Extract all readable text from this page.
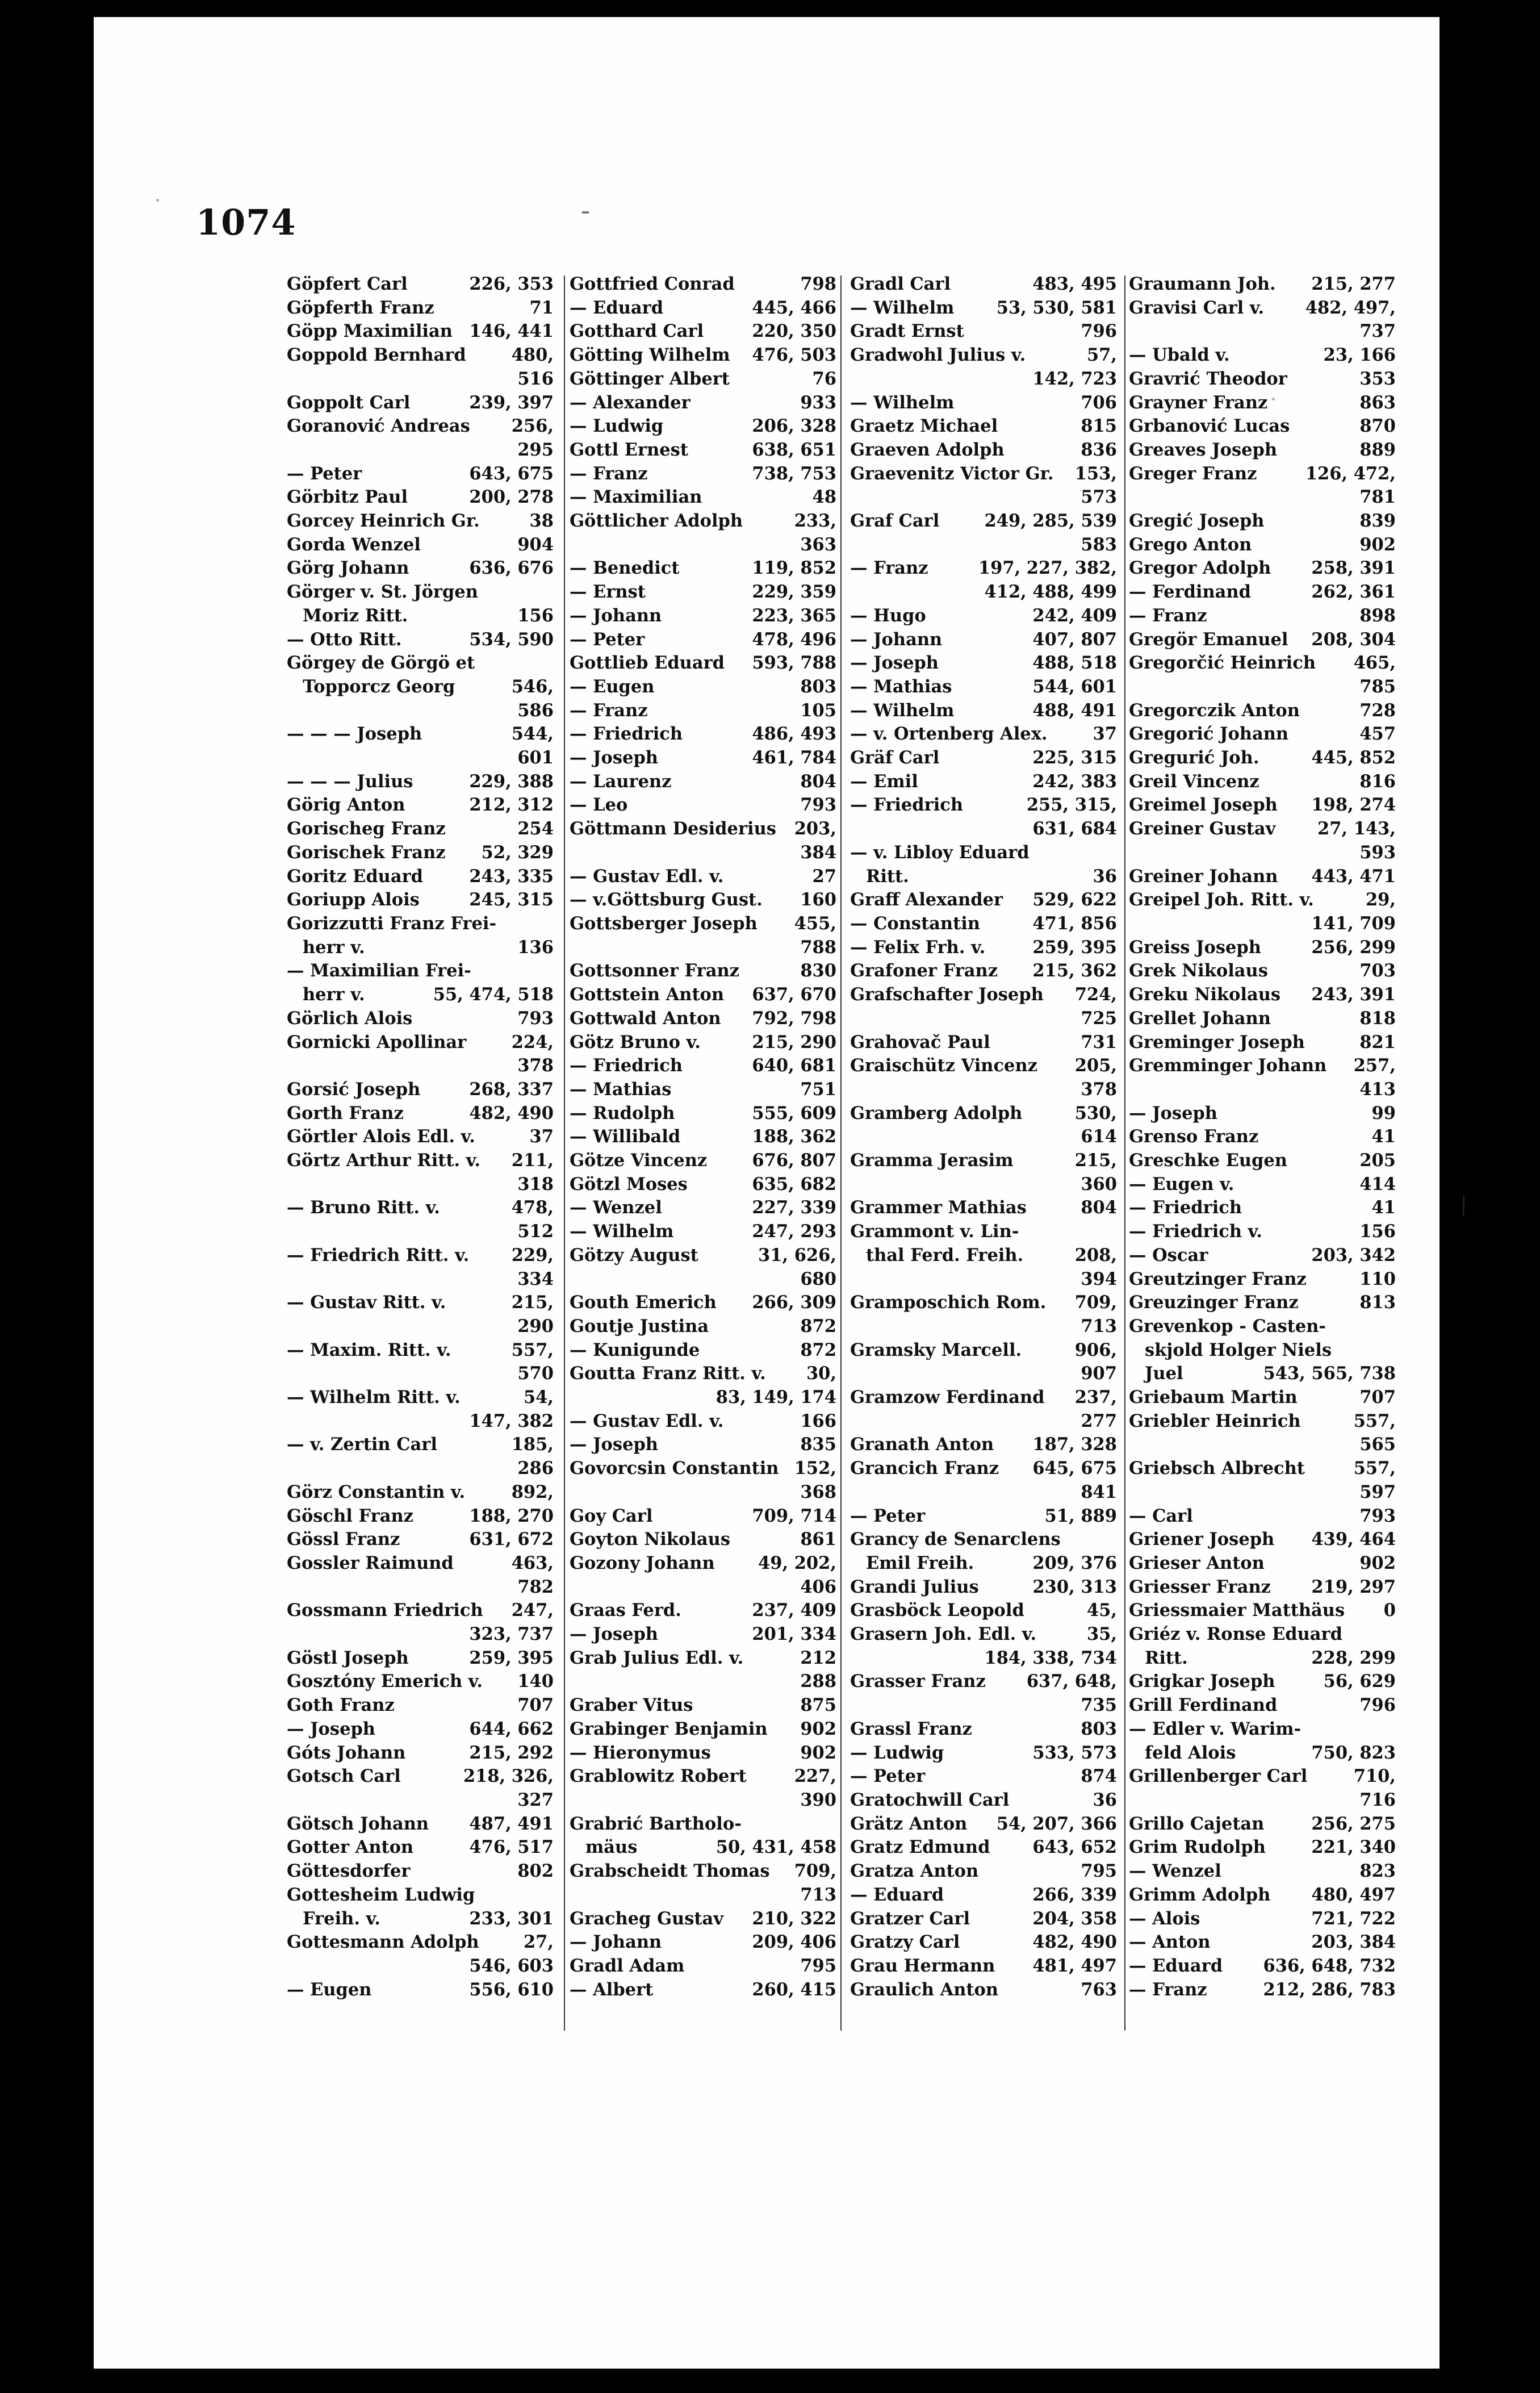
1074
⁄
Göpfert Carl	226, 353
Göpferth Franz	71
Göpp Maximilian 146, 441
Goppold Bernhard	480,
516
Goppolt Carl	239, 397
Goranović Andreas 256,
295
— Peter	643, 675
Görbitz Paul	200, 278
Gorcey Heinrich Gr.	38
Gorda Wenzel	904
Görg Johann	636, 676
Görger v. St. Jörgen
Moriz Ritt.	156
— Otto Ritt.	534, 590
Görgey de Görgö et
Topporcz Georg	546,
586
— — — Joseph	544,
601
— — — Julius	229, 388
Görig Anton	212, 312
Gorischeg Franz	254
Gorischek Franz 52, 329
Goritz Eduard	243, 335
Goriupp Alois	245, 315
Gorizzutti Franz Frei-
herr v.	136
— Maximilian Frei-
herr v.	55, 474, 518
Görlich Alois	793
Gornicki Apollinar	224,
378
Gorsić Joseph	268, 337
Gorth Franz	482, 490
Görtler Alois Edl. v.	37
Görtz Arthur Ritt. v. 211,
318
— Bruno Ritt. v.	478,
512
— Friedrich Ritt. v. 229,
334
— Gustav Ritt. v.	215,
290
— Maxim. Ritt. v.	557,
570
— Wilhelm Ritt. v.	54,
147, 382
— v. Zertin Carl	185,
286
Görz Constantin v.	892,
Göschl Franz	188, 270
Gössl Franz	631, 672
Gossler Raimund	463,
782
Gossmann Friedrich 247,
323, 737
Göstl Joseph	259, 395
Gosztóny Emerich v. 140
Goth Franz	707
— Joseph	644, 662
Góts Johann	215, 292
Gotsch Carl	218, 326,
327
Götsch Johann 487, 491
Gotter Anton	476, 517
Göttesdorfer	802
Gottesheim Ludwig
Freih. v.	233, 301
Gottesmann Adolph	27,
546, 603
— Eugen	556, 610
Gottfried Conrad	798
— Eduard	445, 466
Gotthard Carl	220, 350
Götting Wilhelm 476, 503
Göttinger Albert	76
— Alexander	933
— Ludwig	206, 328
Gottl Ernest	638, 651
— Franz	738, 753
— Maximilian	48
Göttlicher Adolph	233,
363
— Benedict	119, 852
— Ernst	229, 359
— Johann	223, 365
— Peter	478, 496
Gottlieb Eduard 593, 788
— Eugen	803
— Franz	105
— Friedrich	486, 493
— Joseph	461, 784
— Laurenz	804
— Leo	793
Göttmann Desiderius 203,
384
— Gustav Edl. v.	27
— v.Göttsburg Gust. 160
Gottsberger Joseph 455,
788
Gottsonner Franz	830
Gottstein Anton 637, 670
Gottwald Anton 792, 798
Götz Bruno v.	215, 290
— Friedrich	640, 681
— Mathias	751
— Rudolph	555, 609
— Willibald	188, 362
Götze Vincenz	676, 807
Götzl Moses	635, 682
— Wenzel	227, 339
— Wilhelm	247, 293
Götzy August	31, 626,
680
Gouth Emerich 266, 309
Goutje Justina	872
— Kunigunde	872
Goutta Franz Ritt. v. 30,
83, 149, 174
— Gustav Edl. v.	166
— Joseph	835
Govorcsin Constantin 152,
368
Goy Carl	709, 714
Goyton Nikolaus	861
Gozony Johann	49, 202,
406
Graas Ferd.	237, 409
— Joseph	201, 334
Grab Julius Edl. v.	212
288
Graber Vitus	875
Grabinger Benjamin 902
— Hieronymus	902
Grablowitz Robert	227,
390
Grabrić Bartholo-
mäus	50, 431, 458
Grabscheidt Thomas 709,
713
Gracheg Gustav 210, 322
— Johann	209, 406
Gradl Adam	795
— Albert	260, 415
Gradl Carl	483, 495
— Wilhelm 53, 530, 581
Gradt Ernst	796
Gradwohl Julius v.	57,
142, 723
— Wilhelm	706
Graetz Michael	815
Graeven Adolph	836
Graevenitz Victor Gr. 153,
573
Graf Carl	249, 285, 539
583
— Franz	197, 227, 382,
412, 488, 499
— Hugo	242, 409
— Johann	407, 807
— Joseph	488, 518
— Mathias	544, 601
— Wilhelm	488, 491
— v. Ortenberg Alex.	37
Gräf Carl	225, 315
— Emil	242, 383
— Friedrich	255, 315,
631, 684
— v. Libloy Eduard
Ritt.	36
Graff Alexander 529, 622
— Constantin	471, 856
— Felix Frh. v.	259, 395
Grafoner Franz 215, 362
Grafschafter Joseph 724,
725
Grahovač Paul	731
Graischütz Vincenz 205,
378
Gramberg Adolph	530,
614
Gramma Jerasim	215,
360
Grammer Mathias	804
Grammont v. Lin-
thal Ferd. Freih.	208,
394
Gramposchich Rom. 709,
713
Gramsky Marcell.	906,
907
Gramzow Ferdinand 237,
277
Granath Anton 187, 328
Grancich Franz 645, 675
841
— Peter	51, 889
Grancy de Senarclens
Emil Freih.	209, 376
Grandi Julius	230, 313
Grasböck Leopold	45,
Grasern Joh. Edl. v.	35,
184, 338, 734
Grasser Franz 637, 648,
735
Grassl Franz	803
— Ludwig	533, 573
— Peter	874
Gratochwill Carl	36
Grätz Anton 54, 207, 366
Gratz Edmund 643, 652
Gratza Anton	795
— Eduard	266, 339
Gratzer Carl	204, 358
Gratzy Carl	482, 490
Grau Hermann 481, 497
Graulich Anton	763
Graumann Joh. 215, 277
Gravisi Carl v. 482, 497,
737
— Ubald v.	23, 166
Gravrić Theodor	353
Grayner Franz	863
Grbanović Lucas	870
Greaves Joseph	889
Greger Franz	126, 472,
781
Gregić Joseph	839
Grego Anton	902
Gregor Adolph 258, 391
— Ferdinand	262, 361
— Franz	898
Gregör Emanuel 208, 304
Gregorčić Heinrich 465,
785
Gregorczik Anton	728
Gregorić Johann	457
Gregurić Joh.	445, 852
Greil Vincenz	816
Greimel Joseph 198, 274
Greiner Gustav 27, 143,
593
Greiner Johann 443, 471
Greipel Joh. Ritt. v.	29,
141, 709
Greiss Joseph	256, 299
Grek Nikolaus	703
Greku Nikolaus 243, 391
Grellet Johann	818
Greminger Joseph	821
Gremminger Johann 257,
413
— Joseph	99
Grenso Franz	41
Greschke Eugen	205
— Eugen v.	414
— Friedrich	41
— Friedrich v.	156
— Oscar	203, 342
Greutzinger Franz	110
Greuzinger Franz	813
Grevenkop - Casten-
skjold Holger Niels
Juel	543, 565, 738
Griebaum Martin	707
Griebler Heinrich	557,
565
Griebsch Albrecht	557,
597
— Carl	793
Griener Joseph 439, 464
Grieser Anton	902
Griesser Franz 219, 297
Griessmaier Matthäus 0
Griéz v. Ronse Eduard
Ritt.	228, 299
Grigkar Joseph	56, 629
Grill Ferdinand	796
— Edler v. Warim-
feld Alois	750, 823
Grillenberger Carl	710,
716
Grillo Cajetan	256, 275
Grim Rudolph	221, 340
— Wenzel	823
Grimm Adolph 480, 497
— Alois	721, 722
— Anton	203, 384
— Eduard 636, 648, 732
— Franz	212, 286, 783
